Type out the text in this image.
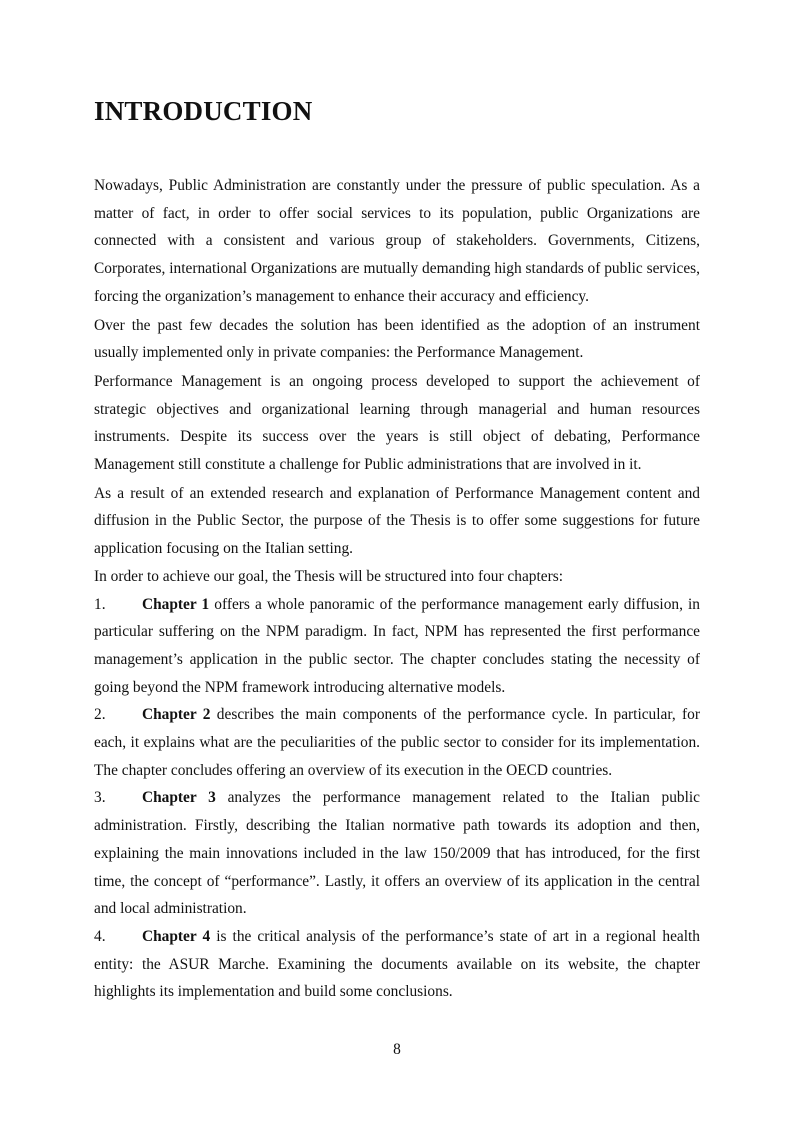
INTRODUCTION

Nowadays, Public Administration are constantly under the pressure of public speculation. As a matter of fact, in order to offer social services to its population, public Organizations are connected with a consistent and various group of stakeholders. Governments, Citizens, Corporates, international Organizations are mutually demanding high standards of public services, forcing the organization’s management to enhance their accuracy and efficiency.

Over the past few decades the solution has been identified as the adoption of an instrument usually implemented only in private companies: the Performance Management.

Performance Management is an ongoing process developed to support the achievement of strategic objectives and organizational learning through managerial and human resources instruments. Despite its success over the years is still object of debating, Performance Management still constitute a challenge for Public administrations that are involved in it.

As a result of an extended research and explanation of Performance Management content and diffusion in the Public Sector, the purpose of the Thesis is to offer some suggestions for future application focusing on the Italian setting.

In order to achieve our goal, the Thesis will be structured into four chapters:

1. Chapter 1 offers a whole panoramic of the performance management early diffusion, in particular suffering on the NPM paradigm. In fact, NPM has represented the first performance management’s application in the public sector. The chapter concludes stating the necessity of going beyond the NPM framework introducing alternative models.

2. Chapter 2 describes the main components of the performance cycle. In particular, for each, it explains what are the peculiarities of the public sector to consider for its implementation. The chapter concludes offering an overview of its execution in the OECD countries.

3. Chapter 3 analyzes the performance management related to the Italian public administration. Firstly, describing the Italian normative path towards its adoption and then, explaining the main innovations included in the law 150/2009 that has introduced, for the first time, the concept of “performance”. Lastly, it offers an overview of its application in the central and local administration.

4. Chapter 4 is the critical analysis of the performance’s state of art in a regional health entity: the ASUR Marche. Examining the documents available on its website, the chapter highlights its implementation and build some conclusions.

8
